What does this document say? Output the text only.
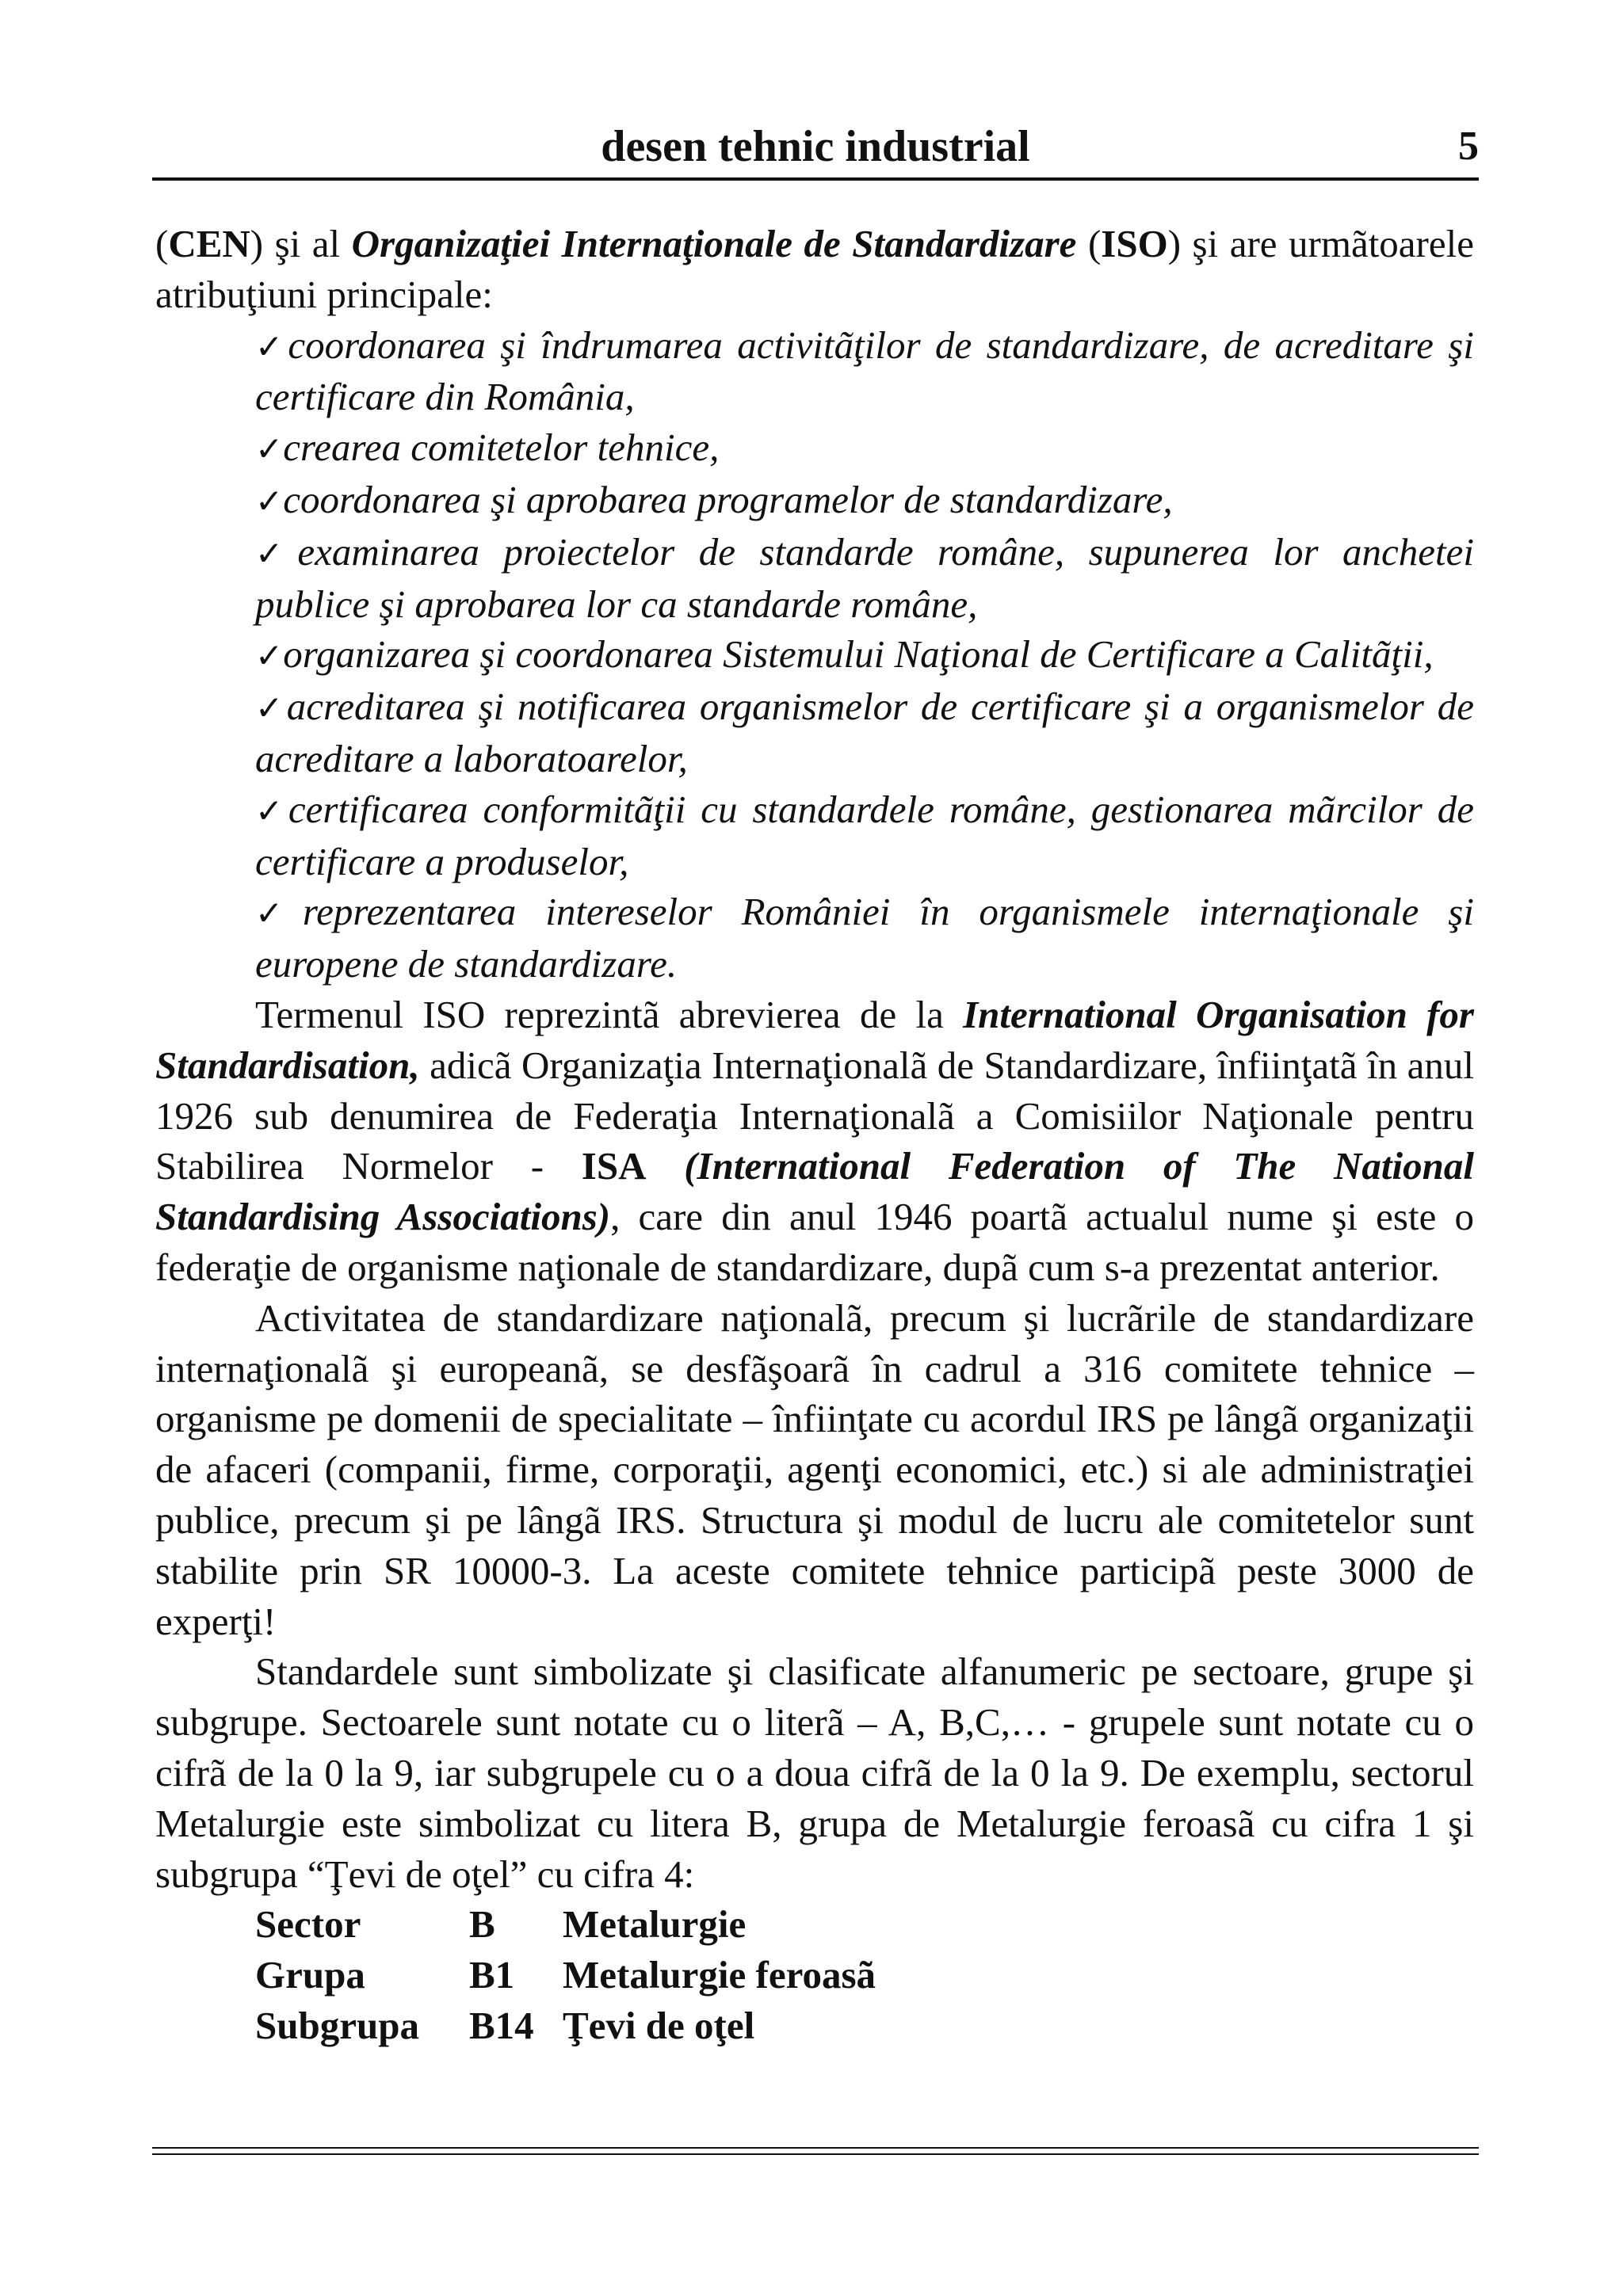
desen tehnic industrial	5

(CEN) şi al Organizaţiei Internaţionale de Standardizare (ISO) şi are urmãtoarele atribuţiuni principale:

✓coordonarea şi îndrumarea activitãţilor de standardizare, de acreditare şi certificare din România,
✓crearea comitetelor tehnice,
✓coordonarea şi aprobarea programelor de standardizare,
✓examinarea proiectelor de standarde române, supunerea lor anchetei publice şi aprobarea lor ca standarde române,
✓organizarea şi coordonarea Sistemului Naţional de Certificare a Calitãţii,
✓acreditarea şi notificarea organismelor de certificare şi a organismelor de acreditare a laboratoarelor,
✓certificarea conformitãţii cu standardele române, gestionarea mãrcilor de certificare a produselor,
✓reprezentarea intereselor României în organismele internaţionale şi europene de standardizare.

Termenul ISO reprezintã abrevierea de la International Organisation for Standardisation, adicã Organizaţia Internaţionalã de Standardizare, înfiinţatã în anul 1926 sub denumirea de Federaţia Internaţionalã a Comisiilor Naţionale pentru Stabilirea Normelor - ISA (International Federation of The National Standardising Associations), care din anul 1946 poartã actualul nume şi este o federaţie de organisme naţionale de standardizare, dupã cum s-a prezentat anterior.

Activitatea de standardizare naţionalã, precum şi lucrãrile de standardizare internaţionalã şi europeanã, se desfãşoarã în cadrul a 316 comitete tehnice – organisme pe domenii de specialitate – înfiinţate cu acordul IRS pe lângã organizaţii de afaceri (companii, firme, corporaţii, agenţi economici, etc.) si ale administraţiei publice, precum şi pe lângã IRS. Structura şi modul de lucru ale comitetelor sunt stabilite prin SR 10000-3. La aceste comitete tehnice participã peste 3000 de experţi!

Standardele sunt simbolizate şi clasificate alfanumeric pe sectoare, grupe şi subgrupe. Sectoarele sunt notate cu o literã – A, B,C,… - grupele sunt notate cu o cifrã de la 0 la 9, iar subgrupele cu o a doua cifrã de la 0 la 9. De exemplu, sectorul Metalurgie este simbolizat cu litera B, grupa de Metalurgie feroasã cu cifra 1 şi subgrupa “Ţevi de oţel” cu cifra 4:

Sector	B	Metalurgie
Grupa	B1	Metalurgie feroasã
Subgrupa	B14 Ţevi de oţel
